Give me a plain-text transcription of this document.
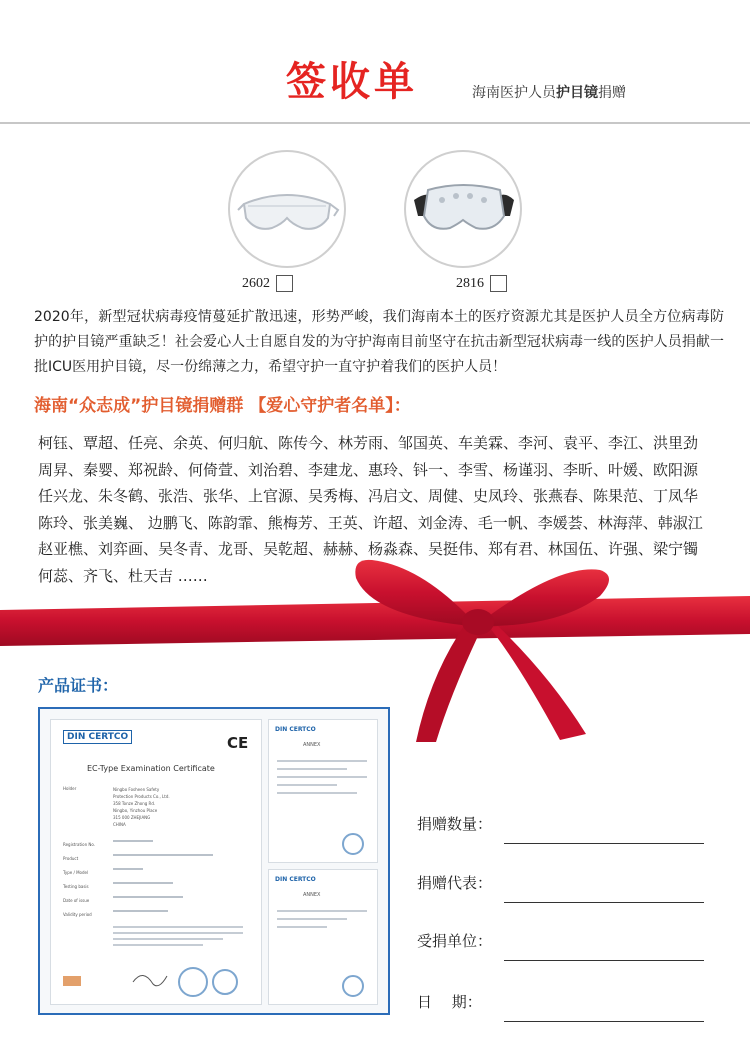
签收单	海南医护人员护目镜捐赠
2602	2816
2020年，新型冠状病毒疫情蔓延扩散迅速，形势严峻，我们海南本土的医疗资源尤其是医护人员全方位病毒防护的护目镜严重缺乏！社会爱心人士自愿自发的为守护海南目前坚守在抗击新型冠状病毒一线的医护人员捐献一批ICU医用护目镜，尽一份绵薄之力，希望守护一直守护着我们的医护人员！
海南“众志成”护目镜捐赠群 【爱心守护者名单】：
柯钰、覃超、任亮、余英、何归航、陈传今、林芳雨、邹国英、车美霖、李河、袁平、李江、洪里劲
周昇、秦婴、郑祝龄、何倚萱、刘治碧、李建龙、惠玲、钭一、李雪、杨谨羽、李昕、叶媛、欧阳源
任兴龙、朱冬鹤、张浩、张华、上官源、吴秀梅、冯启文、周健、史凤玲、张燕春、陈果范、丁凤华
陈玲、张美巍、 边鹏飞、陈韵霏、熊梅芳、王英、许超、刘金涛、毛一帆、李媛荟、林海萍、韩淑江
赵亚樵、刘弈画、吴冬青、龙哥、吴乾超、赫赫、杨淼森、吴挺伟、郑有君、林国伍、许强、梁宁镯
何蕊、齐飞、杜天吉 ……
产品证书：
DIN CERTCO	CE
EC-Type Examination Certificate
Holder	Ningbo Fosheen Safety
Protection Products Co., Ltd.
358 Tonze Zhong Rd.
Ningbo, Yinzhou Place
315 000 ZHEJIANG
CHINA
Registration No.
Product
Type / Model
Testing basis
Date of issue
Validity period
DIN CERTCO
ANNEX
DIN CERTCO
ANNEX
捐赠数量：
捐赠代表：
受捐单位：
日　 期：
